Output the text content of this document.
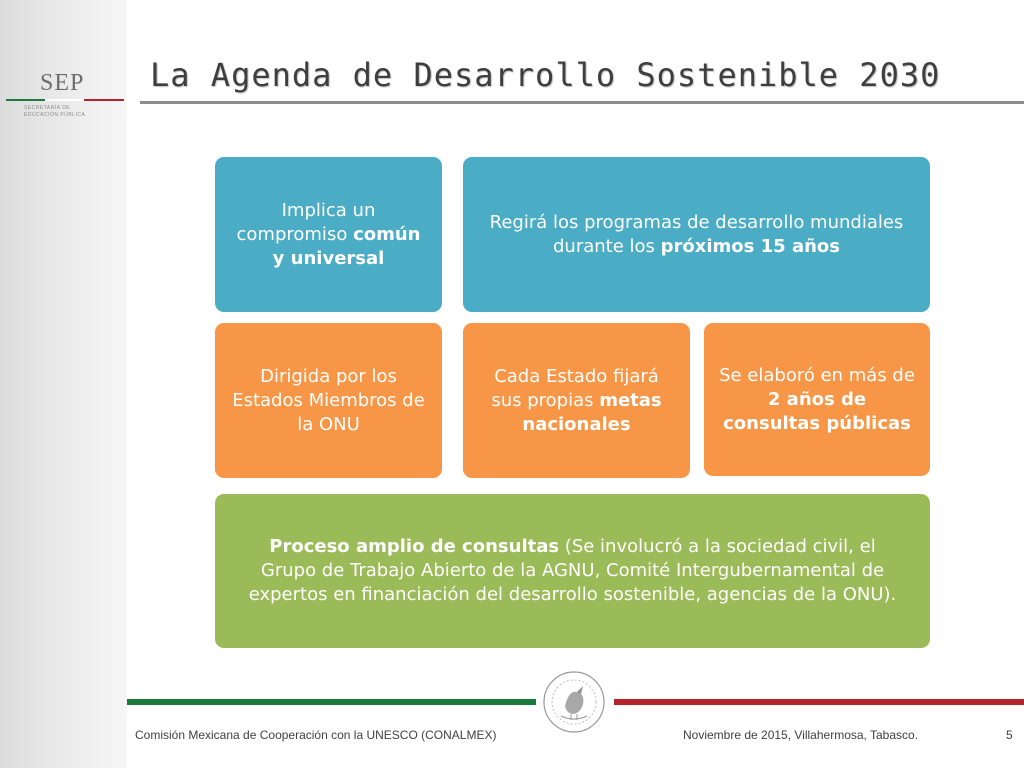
SEP
SECRETARÍA DE
EDUCACIÓN PÚBLICA
La Agenda de Desarrollo Sostenible 2030
Implica un compromiso común y universal
Regirá los programas de desarrollo mundiales durante los próximos 15 años
Dirigida por los Estados Miembros de la ONU
Cada Estado fijará sus propias metas nacionales
Se elaboró en más de 2 años de consultas públicas
Proceso amplio de consultas (Se involucró a la sociedad civil, el Grupo de Trabajo Abierto de la AGNU, Comité Intergubernamental de expertos en financiación del desarrollo sostenible, agencias de la ONU).
Comisión Mexicana de Cooperación con la UNESCO (CONALMEX)	Noviembre de 2015, Villahermosa, Tabasco.	5
